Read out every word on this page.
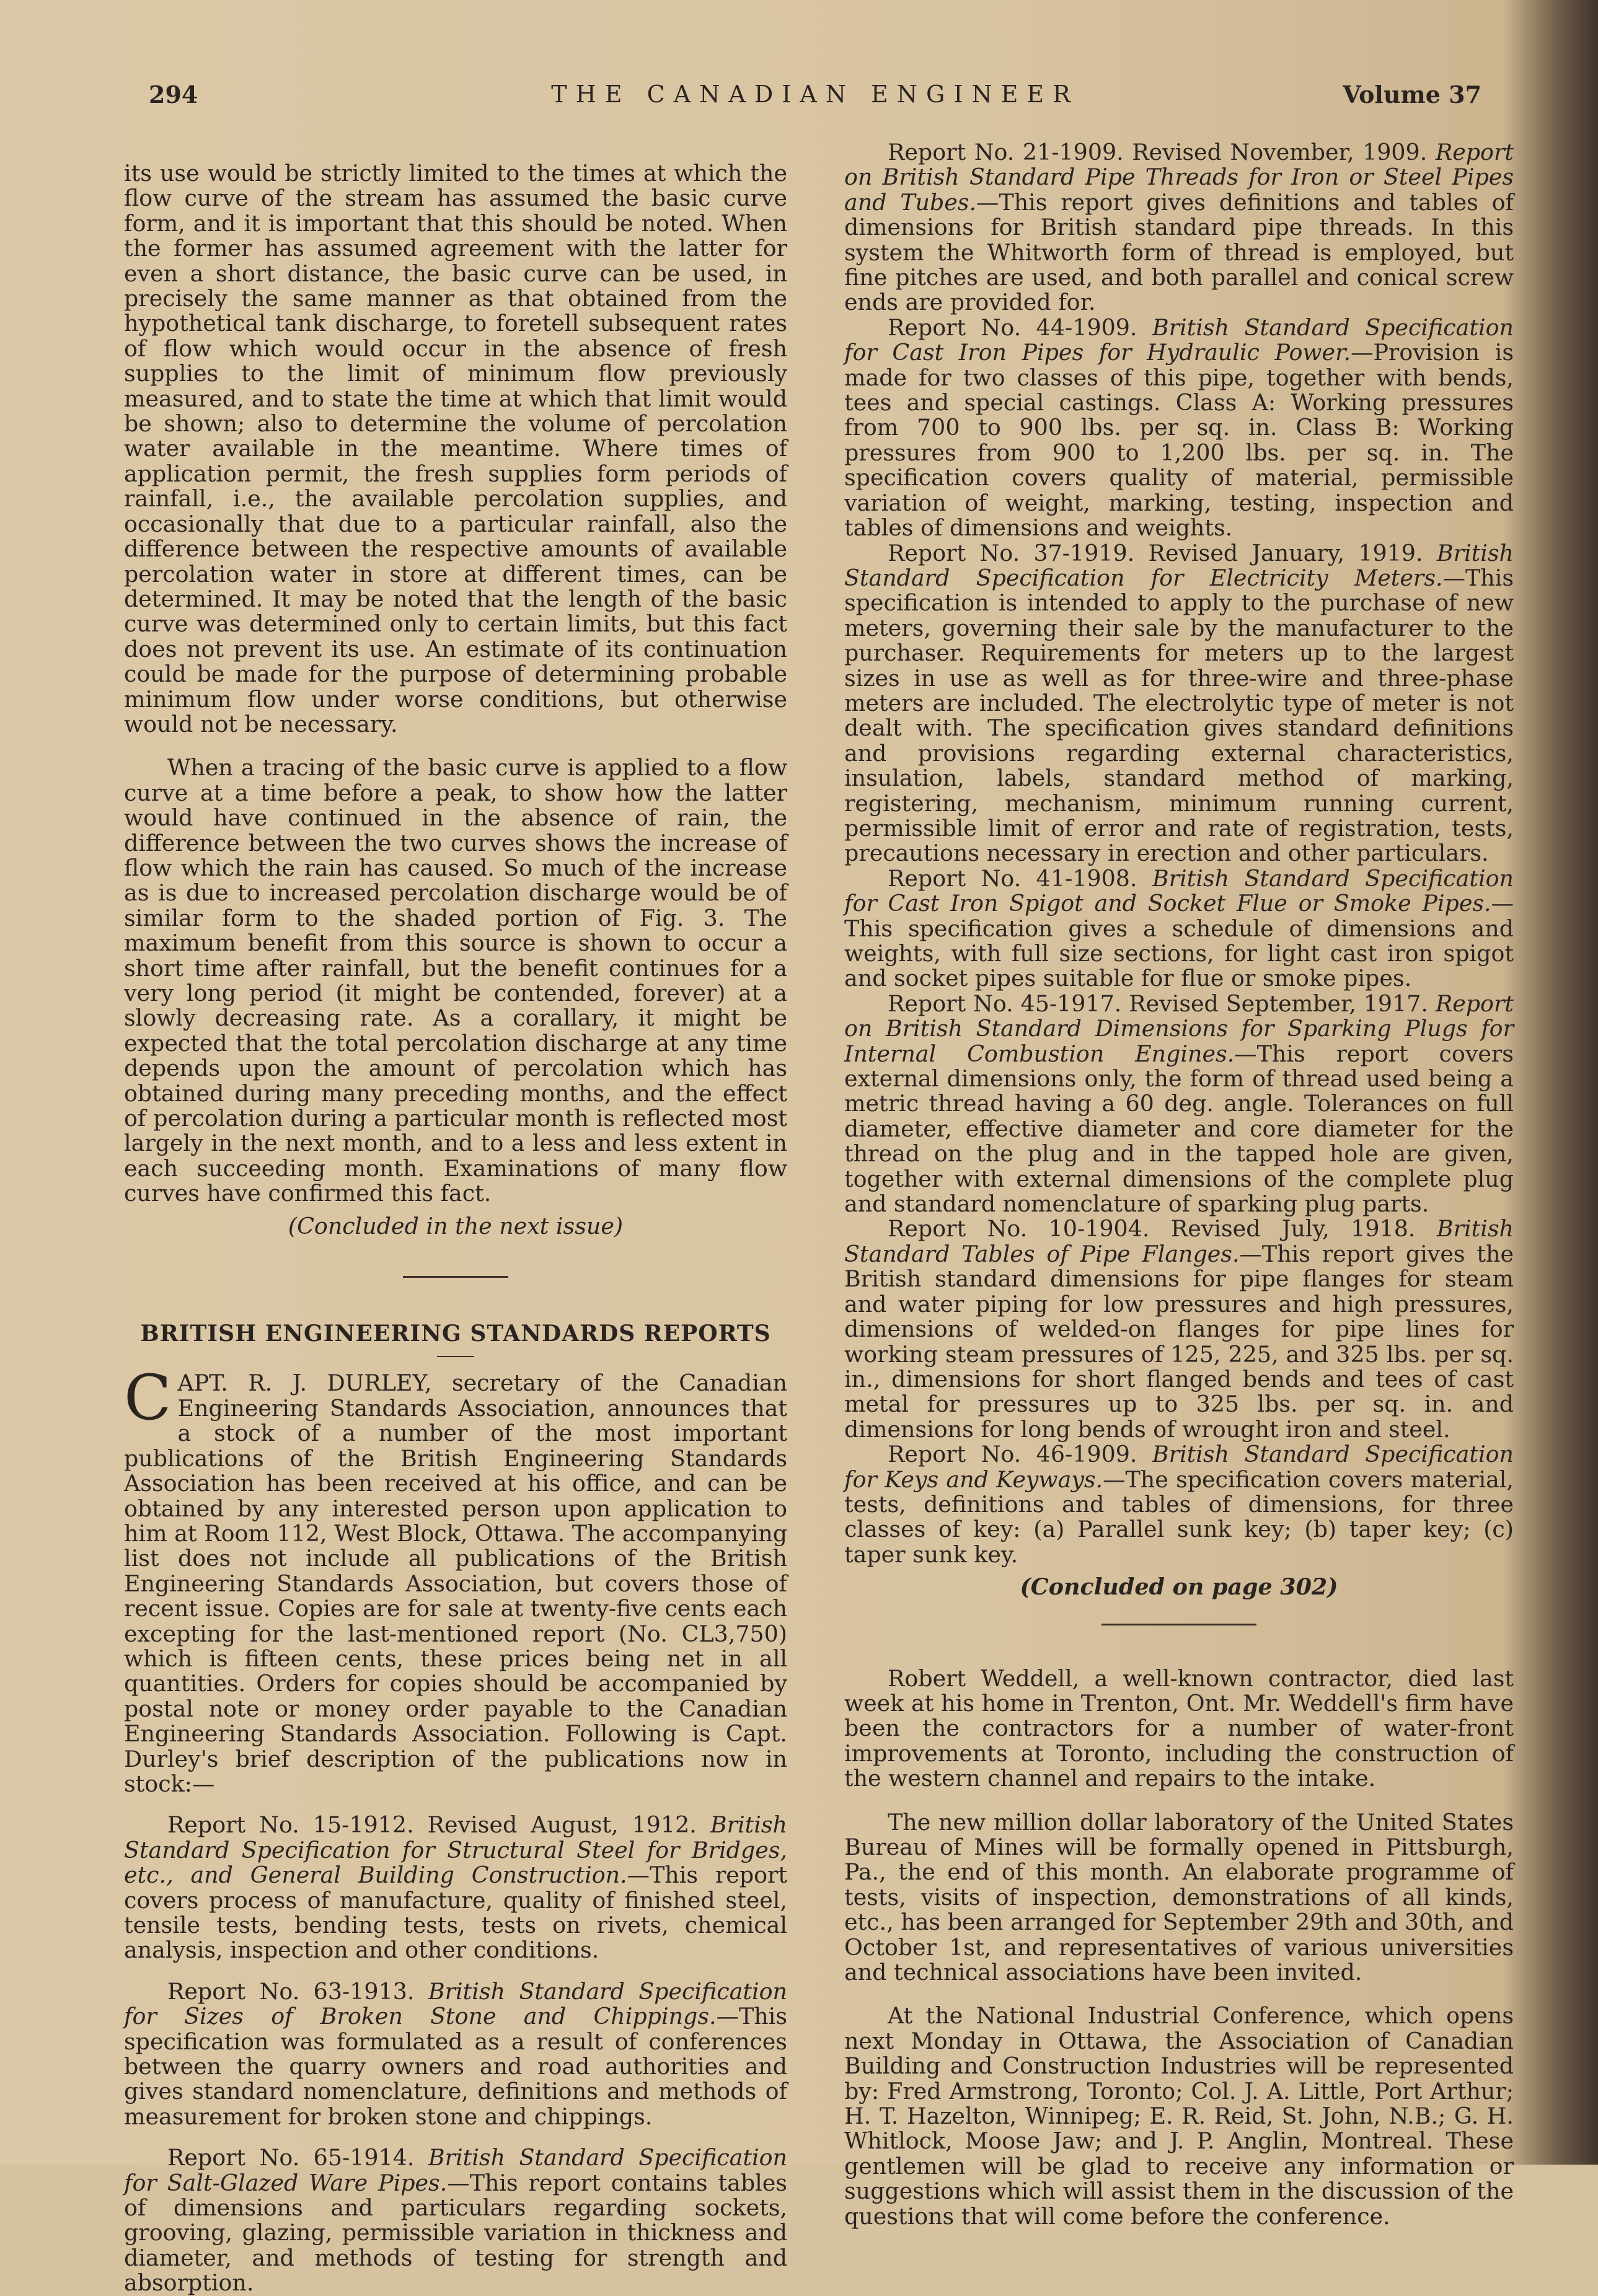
THE CANADIAN ENGINEER
294	Volume 37

its use would be strictly limited to the times at which the flow curve of the stream has assumed the basic curve form, and it is important that this should be noted. When the former has assumed agreement with the latter for even a short distance, the basic curve can be used, in precisely the same manner as that obtained from the hypothetical tank discharge, to foretell subsequent rates of flow which would occur in the absence of fresh supplies to the limit of minimum flow previously measured, and to state the time at which that limit would be shown; also to determine the volume of percolation water available in the meantime. Where times of application permit, the fresh supplies form periods of rainfall, i.e., the available percolation supplies, and occasionally that due to a particular rainfall, also the difference between the respective amounts of available percolation water in store at different times, can be determined. It may be noted that the length of the basic curve was determined only to certain limits, but this fact does not prevent its use. An estimate of its continuation could be made for the purpose of determining probable minimum flow under worse conditions, but otherwise would not be necessary.

When a tracing of the basic curve is applied to a flow curve at a time before a peak, to show how the latter would have continued in the absence of rain, the difference between the two curves shows the increase of flow which the rain has caused. So much of the increase as is due to increased percolation discharge would be of similar form to the shaded portion of Fig. 3. The maximum benefit from this source is shown to occur a short time after rainfall, but the benefit continues for a very long period (it might be contended, forever) at a slowly decreasing rate. As a corallary, it might be expected that the total percolation discharge at any time depends upon the amount of percolation which has obtained during many preceding months, and the effect of percolation during a particular month is reflected most largely in the next month, and to a less and less extent in each succeeding month. Examinations of many flow curves have confirmed this fact.

(Concluded in the next issue)

BRITISH ENGINEERING STANDARDS REPORTS

CAPT. R. J. DURLEY, secretary of the Canadian Engineering Standards Association, announces that a stock of a number of the most important publications of the British Engineering Standards Association has been received at his office, and can be obtained by any interested person upon application to him at Room 112, West Block, Ottawa. The accompanying list does not include all publications of the British Engineering Standards Association, but covers those of recent issue. Copies are for sale at twenty-five cents each excepting for the last-mentioned report (No. CL3,750) which is fifteen cents, these prices being net in all quantities. Orders for copies should be accompanied by postal note or money order payable to the Canadian Engineering Standards Association. Following is Capt. Durley's brief description of the publications now in stock:—

Report No. 15-1912. Revised August, 1912. British Standard Specification for Structural Steel for Bridges, etc., and General Building Construction.—This report covers process of manufacture, quality of finished steel, tensile tests, bending tests, tests on rivets, chemical analysis, inspection and other conditions.

Report No. 63-1913. British Standard Specification for Sizes of Broken Stone and Chippings.—This specification was formulated as a result of conferences between the quarry owners and road authorities and gives standard nomenclature, definitions and methods of measurement for broken stone and chippings.

Report No. 65-1914. British Standard Specification for Salt-Glazed Ware Pipes.—This report contains tables of dimensions and particulars regarding sockets, grooving, glazing, permissible variation in thickness and diameter, and methods of testing for strength and absorption.

Report No. 21-1909. Revised November, 1909. Report on British Standard Pipe Threads for Iron or Steel Pipes and Tubes.—This report gives definitions and tables of dimensions for British standard pipe threads. In this system the Whitworth form of thread is employed, but fine pitches are used, and both parallel and conical screw ends are provided for.

Report No. 44-1909. British Standard Specification for Cast Iron Pipes for Hydraulic Power.—Provision is made for two classes of this pipe, together with bends, tees and special castings. Class A: Working pressures from 700 to 900 lbs. per sq. in. Class B: Working pressures from 900 to 1,200 lbs. per sq. in. The specification covers quality of material, permissible variation of weight, marking, testing, inspection and tables of dimensions and weights.

Report No. 37-1919. Revised January, 1919. British Standard Specification for Electricity Meters.—This specification is intended to apply to the purchase of new meters, governing their sale by the manufacturer to the purchaser. Requirements for meters up to the largest sizes in use as well as for three-wire and three-phase meters are included. The electrolytic type of meter is not dealt with. The specification gives standard definitions and provisions regarding external characteristics, insulation, labels, standard method of marking, registering, mechanism, minimum running current, permissible limit of error and rate of registration, tests, precautions necessary in erection and other particulars.

Report No. 41-1908. British Standard Specification for Cast Iron Spigot and Socket Flue or Smoke Pipes.—This specification gives a schedule of dimensions and weights, with full size sections, for light cast iron spigot and socket pipes suitable for flue or smoke pipes.

Report No. 45-1917. Revised September, 1917. Report on British Standard Dimensions for Sparking Plugs for Internal Combustion Engines.—This report covers external dimensions only, the form of thread used being a metric thread having a 60 deg. angle. Tolerances on full diameter, effective diameter and core diameter for the thread on the plug and in the tapped hole are given, together with external dimensions of the complete plug and standard nomenclature of sparking plug parts.

Report No. 10-1904. Revised July, 1918. British Standard Tables of Pipe Flanges.—This report gives the British standard dimensions for pipe flanges for steam and water piping for low pressures and high pressures, dimensions of welded-on flanges for pipe lines for working steam pressures of 125, 225, and 325 lbs. per sq. in., dimensions for short flanged bends and tees of cast metal for pressures up to 325 lbs. per sq. in. and dimensions for long bends of wrought iron and steel.

Report No. 46-1909. British Standard Specification for Keys and Keyways.—The specification covers material, tests, definitions and tables of dimensions, for three classes of key: (a) Parallel sunk key; (b) taper key; (c) taper sunk key.

(Concluded on page 302)

Robert Weddell, a well-known contractor, died last week at his home in Trenton, Ont. Mr. Weddell's firm have been the contractors for a number of water-front improvements at Toronto, including the construction of the western channel and repairs to the intake.

The new million dollar laboratory of the United States Bureau of Mines will be formally opened in Pittsburgh, Pa., the end of this month. An elaborate programme of tests, visits of inspection, demonstrations of all kinds, etc., has been arranged for September 29th and 30th, and October 1st, and representatives of various universities and technical associations have been invited.

At the National Industrial Conference, which opens next Monday in Ottawa, the Association of Canadian Building and Construction Industries will be represented by: Fred Armstrong, Toronto; Col. J. A. Little, Port Arthur; H. T. Hazelton, Winnipeg; E. R. Reid, St. John, N.B.; G. H. Whitlock, Moose Jaw; and J. P. Anglin, Montreal. These gentlemen will be glad to receive any information or suggestions which will assist them in the discussion of the questions that will come before the conference.
